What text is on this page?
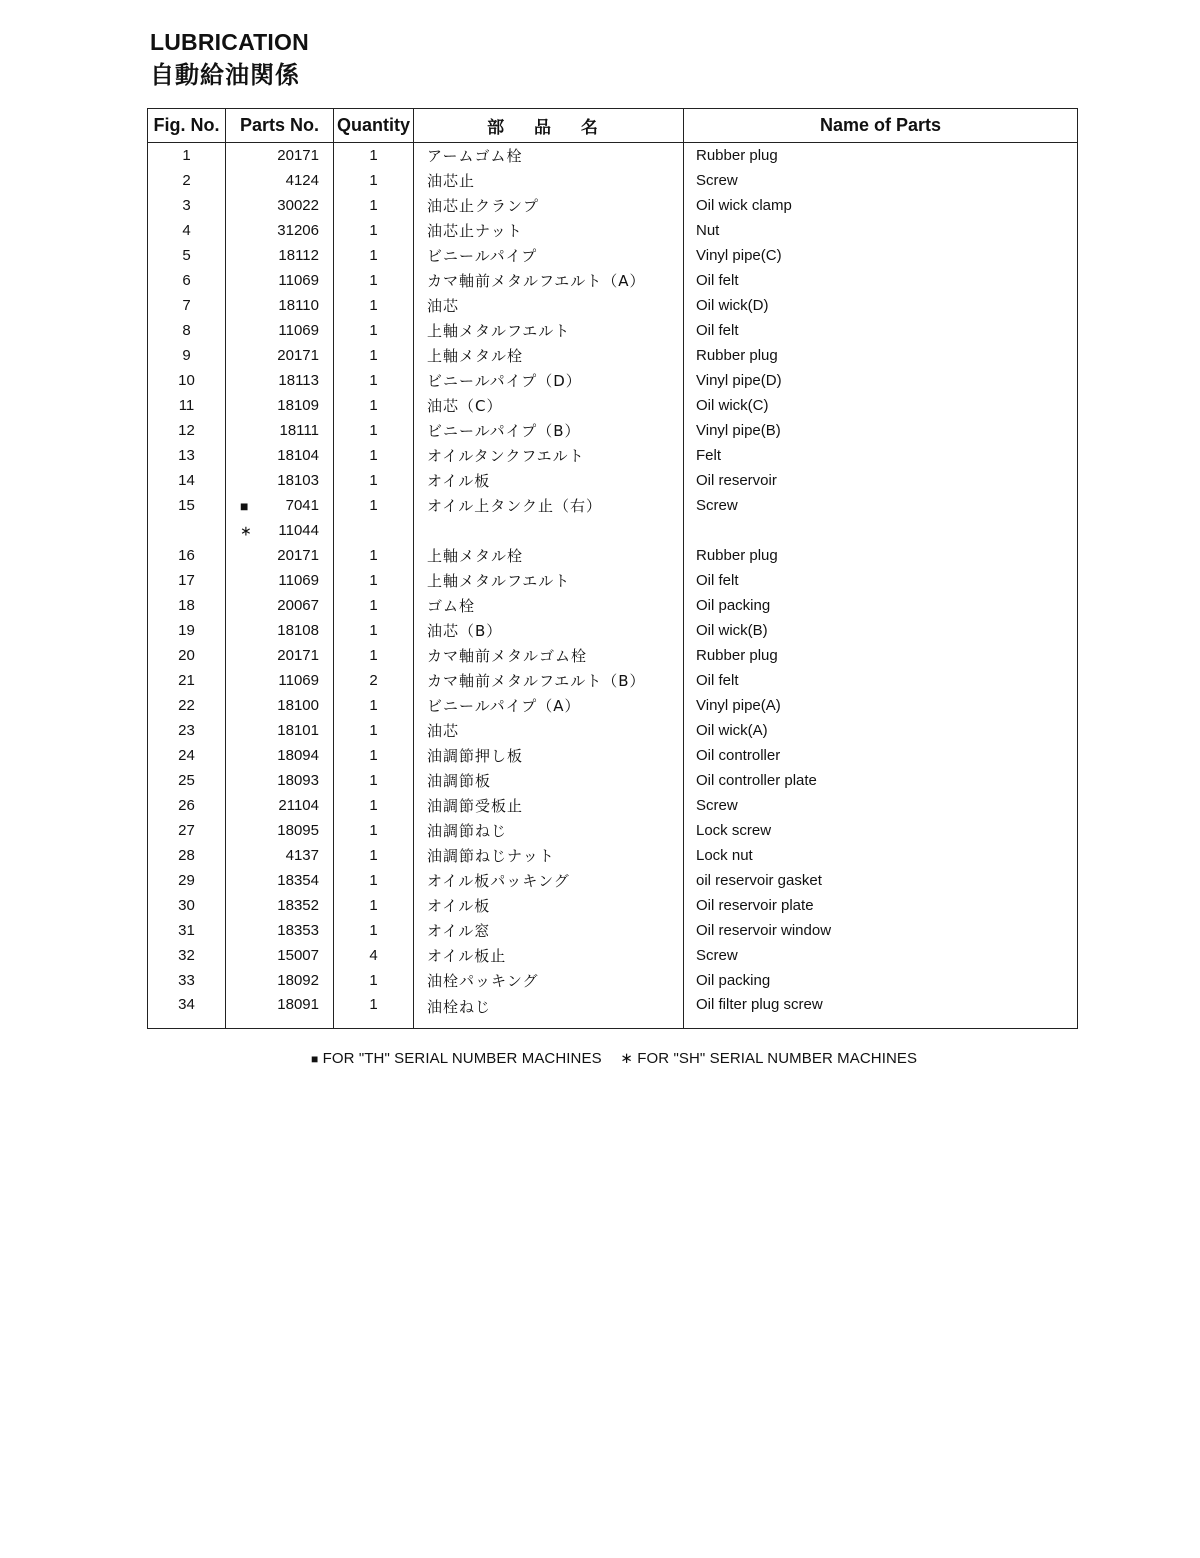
LUBRICATION
自動給油関係
Fig. No.	Parts No.	Quantity	部 品 名	Name of Parts
1	20171	1	アームゴム栓	Rubber plug
2	4124	1	油芯止	Screw
3	30022	1	油芯止クランプ	Oil wick clamp
4	31206	1	油芯止ナット	Nut
5	18112	1	ビニールパイプ	Vinyl pipe(C)
6	11069	1	カマ軸前メタルフエルト（A）	Oil felt
7	18110	1	油芯	Oil wick(D)
8	11069	1	上軸メタルフエルト	Oil felt
9	20171	1	上軸メタル栓	Rubber plug
10	18113	1	ビニールパイプ（D）	Vinyl pipe(D)
11	18109	1	油芯（C）	Oil wick(C)
12	18111	1	ビニールパイプ（B）	Vinyl pipe(B)
13	18104	1	オイルタンクフエルト	Felt
14	18103	1	オイル板	Oil reservoir
15	■ 7041	1	オイル上タンク止（右）	Screw

	∗ 11044			
16	20171	1	上軸メタル栓	Rubber plug
17	11069	1	上軸メタルフエルト	Oil felt
18	20067	1	ゴム栓	Oil packing
19	18108	1	油芯（B）	Oil wick(B)
20	20171	1	カマ軸前メタルゴム栓	Rubber plug
21	11069	2	カマ軸前メタルフエルト（B）	Oil felt
22	18100	1	ビニールパイプ（A）	Vinyl pipe(A)
23	18101	1	油芯	Oil wick(A)
24	18094	1	油調節押し板	Oil controller
25	18093	1	油調節板	Oil controller plate
26	21104	1	油調節受板止	Screw
27	18095	1	油調節ねじ	Lock screw
28	4137	1	油調節ねじナット	Lock nut
29	18354	1	オイル板パッキング	oil reservoir gasket
30	18352	1	オイル板	Oil reservoir plate
31	18353	1	オイル窓	Oil reservoir window
32	15007	4	オイル板止	Screw
33	18092	1	油栓パッキング	Oil packing
34	18091	1	油栓ねじ	Oil filter plug screw
■ FOR "TH" SERIAL NUMBER MACHINES ∗ FOR "SH" SERIAL NUMBER MACHINES
